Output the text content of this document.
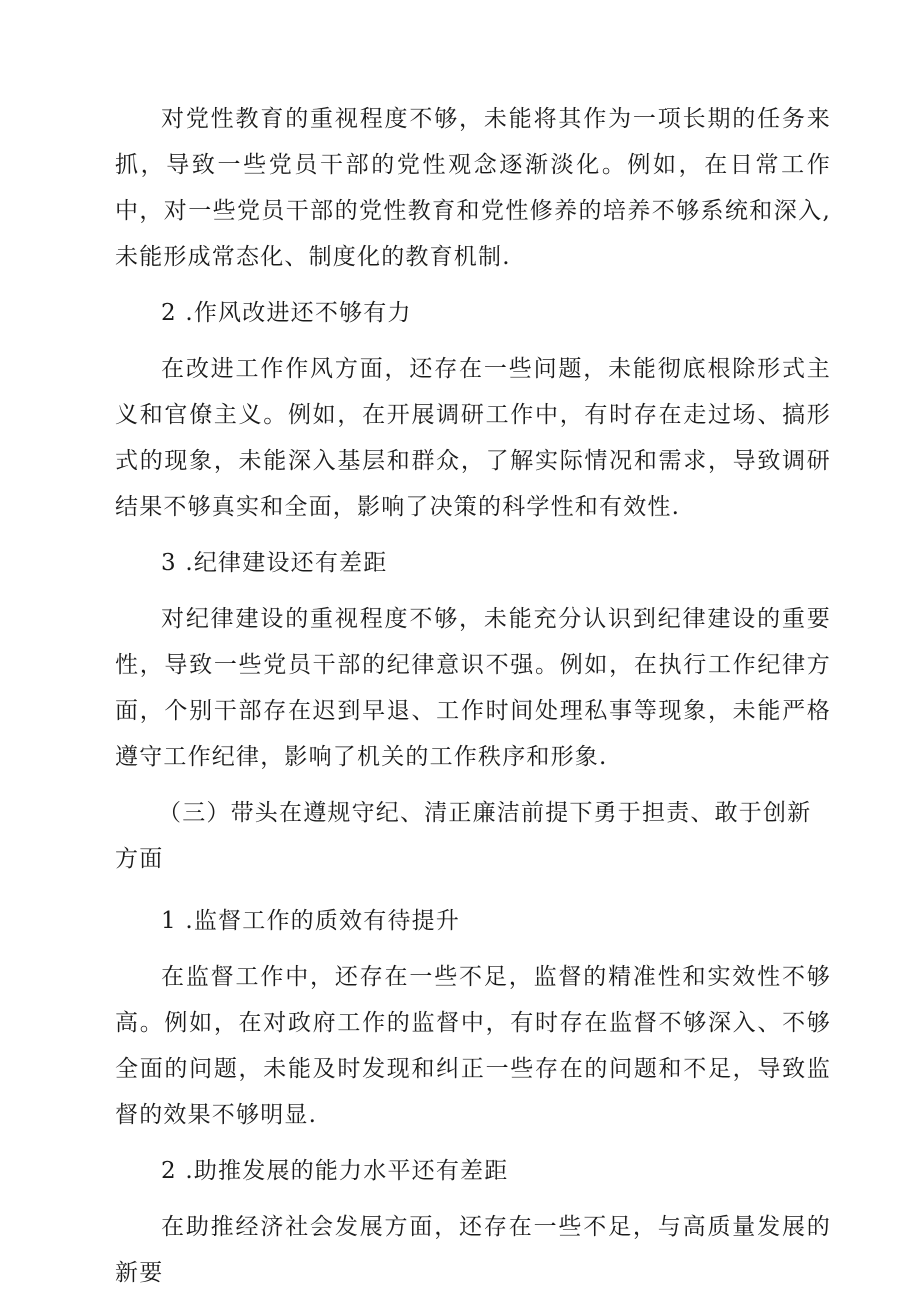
对党性教育的重视程度不够，未能将其作为一项长期的任务来抓，导致一些党员干部的党性观念逐渐淡化。例如，在日常工作中，对一些党员干部的党性教育和党性修养的培养不够系统和深入,未能形成常态化、制度化的教育机制.

2 .作风改进还不够有力

在改进工作作风方面，还存在一些问题，未能彻底根除形式主义和官僚主义。例如，在开展调研工作中，有时存在走过场、搞形式的现象，未能深入基层和群众，了解实际情况和需求，导致调研结果不够真实和全面，影响了决策的科学性和有效性.

3 .纪律建设还有差距

对纪律建设的重视程度不够，未能充分认识到纪律建设的重要性，导致一些党员干部的纪律意识不强。例如，在执行工作纪律方面，个别干部存在迟到早退、工作时间处理私事等现象，未能严格遵守工作纪律，影响了机关的工作秩序和形象.

（三）带头在遵规守纪、清正廉洁前提下勇于担责、敢于创新方面
1 .监督工作的质效有待提升

在监督工作中，还存在一些不足，监督的精准性和实效性不够高。例如，在对政府工作的监督中，有时存在监督不够深入、不够全面的问题，未能及时发现和纠正一些存在的问题和不足，导致监督的效果不够明显.

2 .助推发展的能力水平还有差距

在助推经济社会发展方面，还存在一些不足，与高质量发展的新要
